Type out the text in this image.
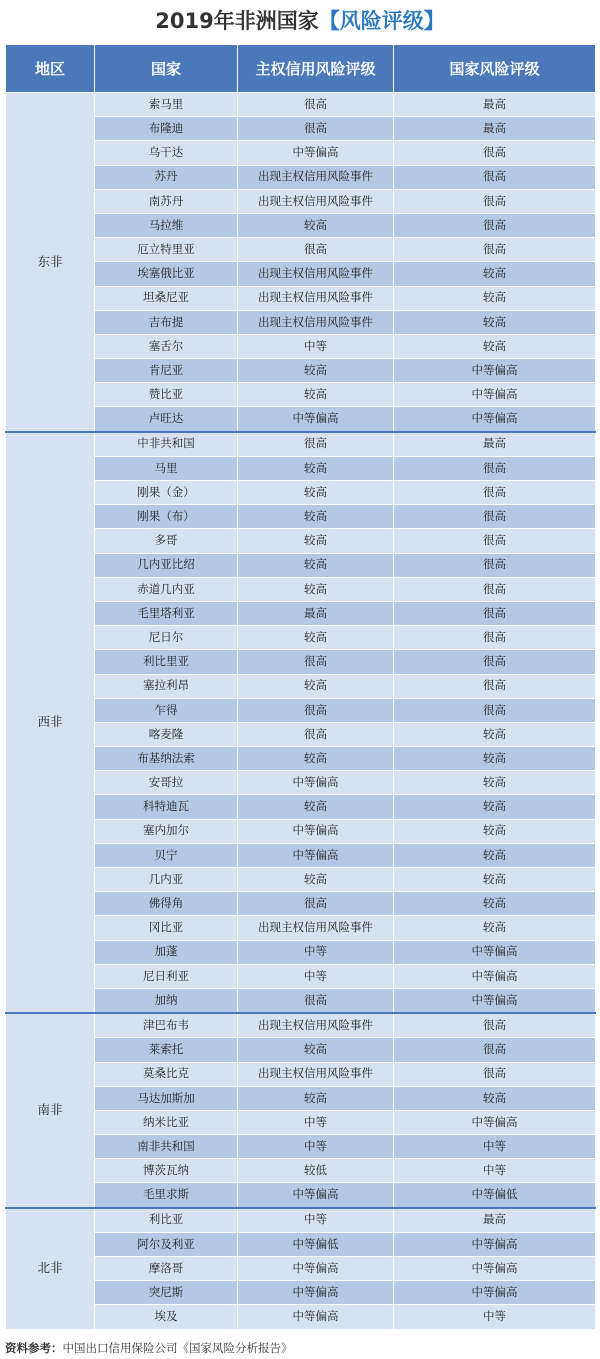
2019年非洲国家 【风险评级】
地区	国家	主权信用风险评级	国家风险评级
东非	索马里	很高	最高
	布隆迪	很高	最高
	乌干达	中等偏高	很高
	苏丹	出现主权信用风险事件	很高
	南苏丹	出现主权信用风险事件	很高
	马拉维	较高	很高
	厄立特里亚	很高	很高
	埃塞俄比亚	出现主权信用风险事件	较高
	坦桑尼亚	出现主权信用风险事件	较高
	吉布提	出现主权信用风险事件	较高
	塞舌尔	中等	较高
	肯尼亚	较高	中等偏高
	赞比亚	较高	中等偏高
	卢旺达	中等偏高	中等偏高
西非	中非共和国	很高	最高
	马里	较高	很高
	刚果（金）	较高	很高
	刚果（布）	较高	很高
	多哥	较高	很高
	几内亚比绍	较高	很高
	赤道几内亚	较高	很高
	毛里塔利亚	最高	很高
	尼日尔	较高	很高
	利比里亚	很高	很高
	塞拉利昂	较高	很高
	乍得	很高	很高
	喀麦隆	很高	较高
	布基纳法索	较高	较高
	安哥拉	中等偏高	较高
	科特迪瓦	较高	较高
	塞内加尔	中等偏高	较高
	贝宁	中等偏高	较高
	几内亚	较高	较高
	佛得角	很高	较高
	冈比亚	出现主权信用风险事件	较高
	加蓬	中等	中等偏高
	尼日利亚	中等	中等偏高
	加纳	很高	中等偏高
南非	津巴布韦	出现主权信用风险事件	很高
	莱索托	较高	很高
	莫桑比克	出现主权信用风险事件	很高
	马达加斯加	较高	较高
	纳米比亚	中等	中等偏高
	南非共和国	中等	中等
	博茨瓦纳	较低	中等
	毛里求斯	中等偏高	中等偏低
北非	利比亚	中等	最高
	阿尔及利亚	中等偏低	中等偏高
	摩洛哥	中等偏高	中等偏高
	突尼斯	中等偏高	中等偏高
	埃及	中等偏高	中等
资料参考：中国出口信用保险公司《国家风险分析报告》
